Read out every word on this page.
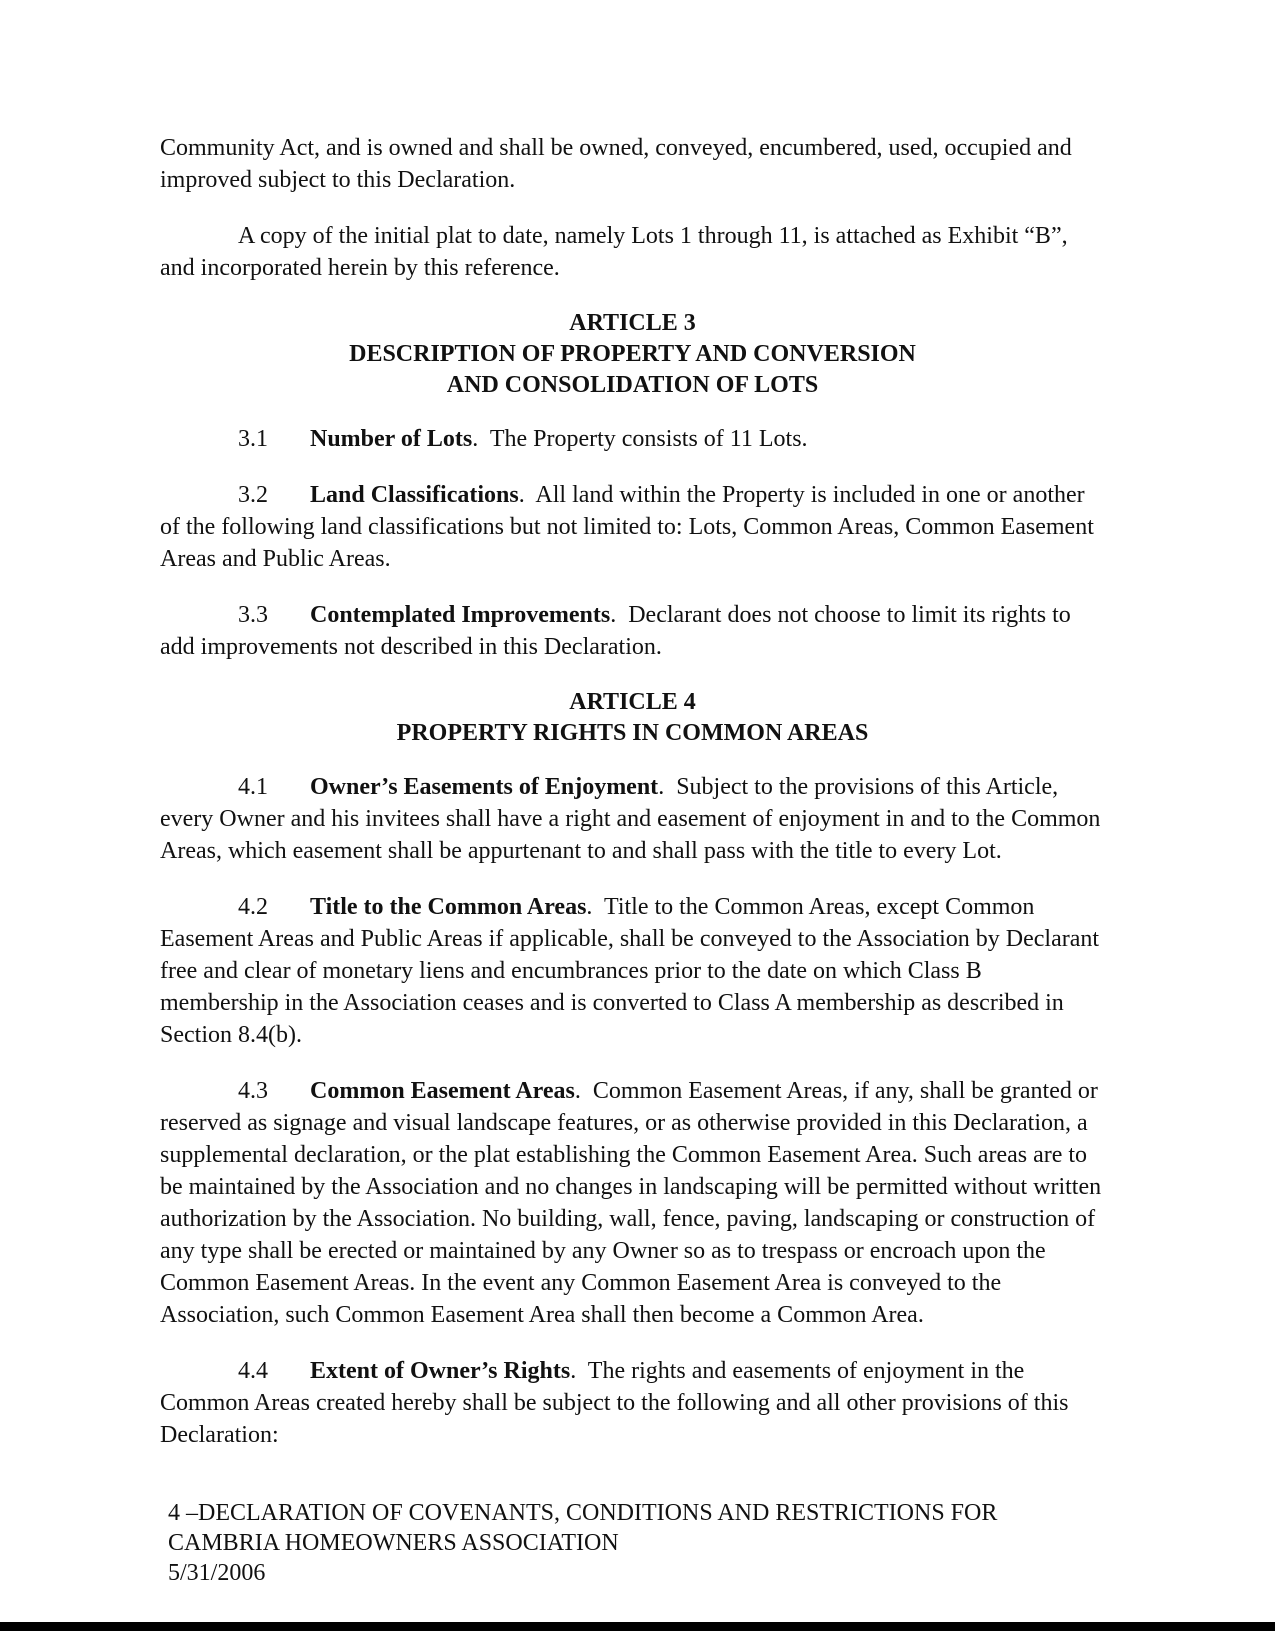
Community Act, and is owned and shall be owned, conveyed, encumbered, used, occupied and improved subject to this Declaration.

A copy of the initial plat to date, namely Lots 1 through 11, is attached as Exhibit “B”, and incorporated herein by this reference.

ARTICLE 3
DESCRIPTION OF PROPERTY AND CONVERSION
AND CONSOLIDATION OF LOTS

3.1 Number of Lots.  The Property consists of 11 Lots.

3.2 Land Classifications.  All land within the Property is included in one or another of the following land classifications but not limited to: Lots, Common Areas, Common Easement Areas and Public Areas.

3.3 Contemplated Improvements.  Declarant does not choose to limit its rights to add improvements not described in this Declaration.

ARTICLE 4
PROPERTY RIGHTS IN COMMON AREAS

4.1 Owner’s Easements of Enjoyment.  Subject to the provisions of this Article, every Owner and his invitees shall have a right and easement of enjoyment in and to the Common Areas, which easement shall be appurtenant to and shall pass with the title to every Lot.

4.2 Title to the Common Areas.  Title to the Common Areas, except Common Easement Areas and Public Areas if applicable, shall be conveyed to the Association by Declarant free and clear of monetary liens and encumbrances prior to the date on which Class B membership in the Association ceases and is converted to Class A membership as described in Section 8.4(b).

4.3 Common Easement Areas.  Common Easement Areas, if any, shall be granted or reserved as signage and visual landscape features, or as otherwise provided in this Declaration, a supplemental declaration, or the plat establishing the Common Easement Area. Such areas are to be maintained by the Association and no changes in landscaping will be permitted without written authorization by the Association. No building, wall, fence, paving, landscaping or construction of any type shall be erected or maintained by any Owner so as to trespass or encroach upon the Common Easement Areas. In the event any Common Easement Area is conveyed to the Association, such Common Easement Area shall then become a Common Area.

4.4 Extent of Owner’s Rights.  The rights and easements of enjoyment in the Common Areas created hereby shall be subject to the following and all other provisions of this Declaration:

4 –DECLARATION OF COVENANTS, CONDITIONS AND RESTRICTIONS FOR
CAMBRIA HOMEOWNERS ASSOCIATION
5/31/2006
